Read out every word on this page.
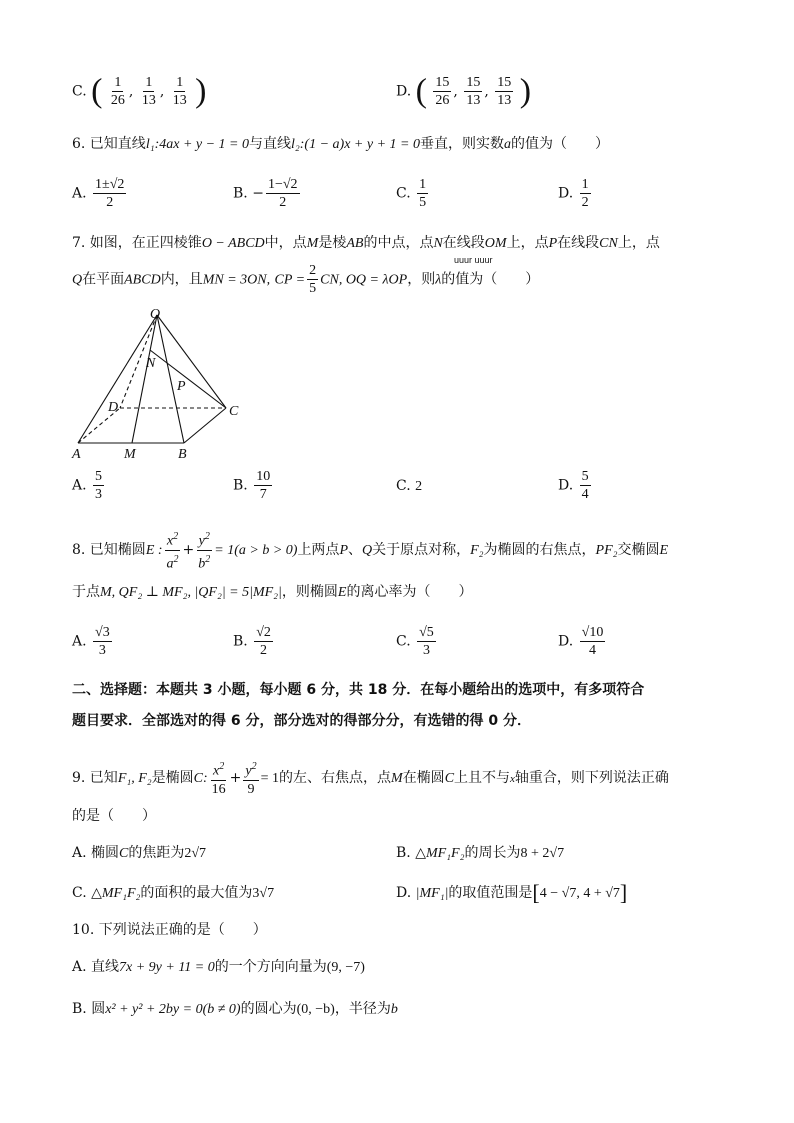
C. ( $\frac{1}{26}$ , $\frac{1}{13}$ , $\frac{1}{13}$ )	D. ( $\frac{15}{26}$ , $\frac{15}{13}$ , $\frac{15}{13}$ )
6. 已知直线l₁:4ax + y − 1 = 0与直线l₂:(1 − a)x + y + 1 = 0垂直，则实数a的值为（　　）
A. $\frac{1\pm√2}{2}$	B. − $\frac{1-√2}{2}$	C. $\frac{1}{5}$	D. $\frac{1}{2}$
7. 如图，在正四棱锥O − ABCD中，点M是棱AB的中点，点N在线段OM上，点P在线段CN上，点
uuur uuur
Q在平面ABCD内，且MN = 3ON, CP = $\frac{2}{5}$ CN, OQ = λOP，则λ的值为（　　）
O
N
P
D	C
A	M	B
A. $\frac{5}{3}$	B. $\frac{10}{7}$	C. 2	D. $\frac{5}{4}$
8. 已知椭圆E : $\frac{x^2}{a^2} + \frac{y^2}{b^2} = 1(a > b > 0)$上两点P、Q关于原点对称，F₂为椭圆的右焦点，PF₂交椭圆E
于点M, QF₂ ⊥ MF₂, |QF₂| = 5|MF₂|，则椭圆E的离心率为（　　）
A. $\frac{√3}{3}$	B. $\frac{√2}{2}$	C. $\frac{√5}{3}$	D. $\frac{√10}{4}$
二、选择题：本题共 3 小题，每小题 6 分，共 18 分．在每小题给出的选项中，有多项符合
题目要求．全部选对的得 6 分，部分选对的得部分分，有选错的得 0 分．
9. 已知F₁, F₂是椭圆C: $\frac{x^2}{16} + \frac{y^2}{9} = 1$的左、右焦点，点M在椭圆C上且不与x轴重合，则下列说法正确
的是（　　）
A. 椭圆C的焦距为2√7	B. △MF₁F₂的周长为8 + 2√7
C. △MF₁F₂的面积的最大值为3√7	D. |MF₁|的取值范围是[4 − √7, 4 + √7]
10. 下列说法正确的是（　　）
A. 直线7x + 9y + 11 = 0的一个方向向量为(9, −7)
B. 圆x² + y² + 2by = 0(b ≠ 0)的圆心为(0, −b)，半径为b
